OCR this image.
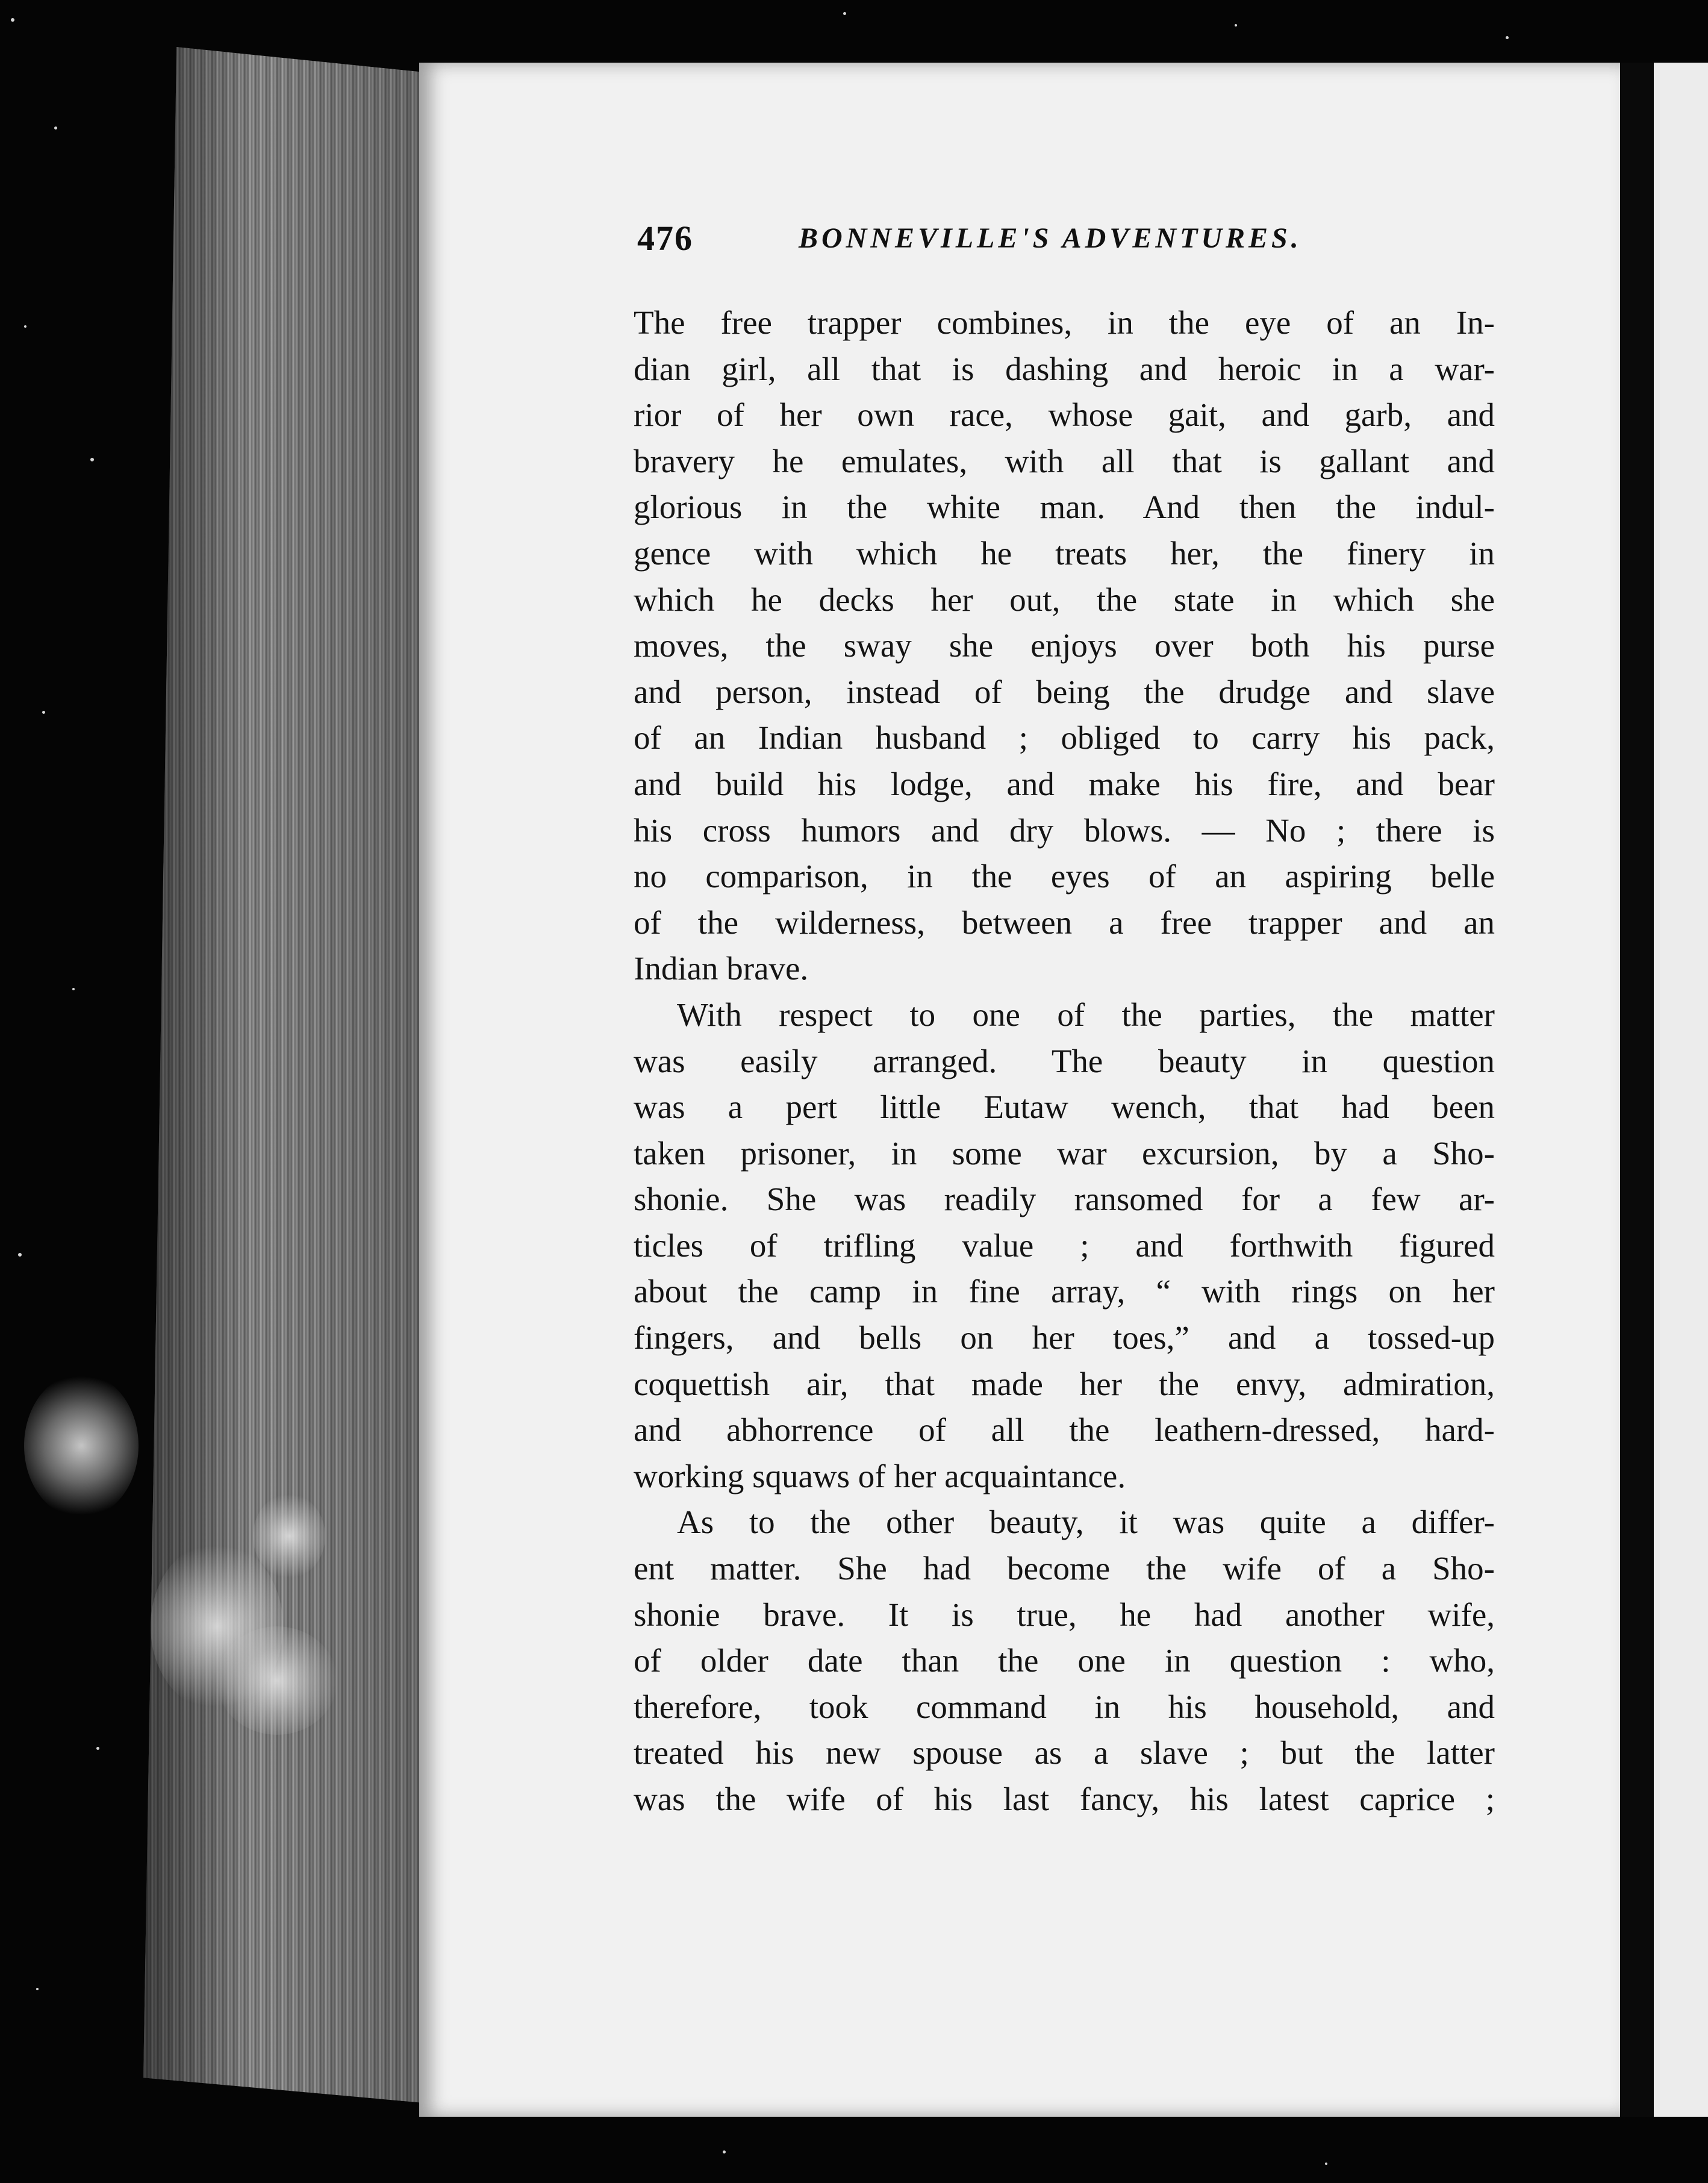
476	BONNEVILLE'S ADVENTURES.
The free trapper combines, in the eye of an In-
dian girl, all that is dashing and heroic in a war-
rior of her own race, whose gait, and garb, and
bravery he emulates, with all that is gallant and
glorious in the white man. And then the indul-
gence with which he treats her, the finery in
which he decks her out, the state in which she
moves, the sway she enjoys over both his purse
and person, instead of being the drudge and slave
of an Indian husband ; obliged to carry his pack,
and build his lodge, and make his fire, and bear
his cross humors and dry blows. — No ; there is
no comparison, in the eyes of an aspiring belle
of the wilderness, between a free trapper and an
Indian brave.
With respect to one of the parties, the matter
was easily arranged. The beauty in question
was a pert little Eutaw wench, that had been
taken prisoner, in some war excursion, by a Sho-
shonie. She was readily ransomed for a few ar-
ticles of trifling value ; and forthwith figured
about the camp in fine array, “ with rings on her
fingers, and bells on her toes,” and a tossed-up
coquettish air, that made her the envy, admiration,
and abhorrence of all the leathern-dressed, hard-
working squaws of her acquaintance.
As to the other beauty, it was quite a differ-
ent matter. She had become the wife of a Sho-
shonie brave. It is true, he had another wife,
of older date than the one in question : who,
therefore, took command in his household, and
treated his new spouse as a slave ; but the latter
was the wife of his last fancy, his latest caprice ;
